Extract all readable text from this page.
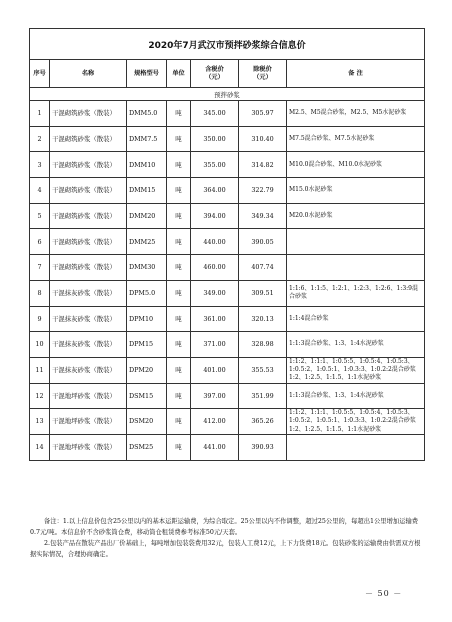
2020年7月武汉市预拌砂浆综合信息价						
序号	名称	规格型号	单位	含税价
（元）	除税价
（元）	备 注
预拌砂浆						
1	干混砌筑砂浆（散装）	DMM5.0	吨	345.00	305.97	M2.5、M5混合砂浆，M2.5、M5水泥砂浆
2	干混砌筑砂浆（散装）	DMM7.5	吨	350.00	310.40	M7.5混合砂浆、M7.5水泥砂浆
3	干混砌筑砂浆（散装）	DMM10	吨	355.00	314.82	M10.0混合砂浆、M10.0水泥砂浆
4	干混砌筑砂浆（散装）	DMM15	吨	364.00	322.79	M15.0水泥砂浆
5	干混砌筑砂浆（散装）	DMM20	吨	394.00	349.34	M20.0水泥砂浆
6	干混砌筑砂浆（散装）	DMM25	吨	440.00	390.05	
7	干混砌筑砂浆（散装）	DMM30	吨	460.00	407.74	
8	干混抹灰砂浆（散装）	DPM5.0	吨	349.00	309.51	1:1:6、1:1:5、1:2:1、1:2:3、1:2:6、1:3:9混合砂浆
9	干混抹灰砂浆（散装）	DPM10	吨	361.00	320.13	1:1:4混合砂浆
10	干混抹灰砂浆（散装）	DPM15	吨	371.00	328.98	1:1:3混合砂浆、1:3、1:4水泥砂浆
11	干混抹灰砂浆（散装）	DPM20	吨	401.00	355.53	1:1:2、1:1:1、1:0.5:5、1:0.5:4、1:0.5:3、1:0.5:2、1:0.5:1、1:0.3:3、1:0.2:2混合砂浆　1:2、1:2.5、1:1.5、1:1水泥砂浆
12	干混地坪砂浆（散装）	DSM15	吨	397.00	351.99	1:1:3混合砂浆、1:3、1:4水泥砂浆
13	干混地坪砂浆（散装）	DSM20	吨	412.00	365.26	1:1:2、1:1:1、1:0.5:5、1:0.5:4、1:0.5:3、1:0.5:2、1:0.5:1、1:0.3:3、1:0.2:2混合砂浆　1:2、1:2.5、1:1.5、1:1水泥砂浆
14	干混地坪砂浆（散装）	DSM25	吨	441.00	390.93	

备注：1.以上信息价包含25公里以内的基本运距运输费，为综合取定。25公里以内不作调整，超过25公里的，每超出1公里增加运输费0.7元/吨。本信息价不含砂浆筒仓费，移动筒仓租赁费参考标准50元/天套。

2.包装产品在散装产品出厂价基础上，每吨增加包装袋费用32元，包装人工费12元，上下力货费18元。包装砂浆的运输费由供需双方根据实际情况，合理协商确定。

－ 50 －
